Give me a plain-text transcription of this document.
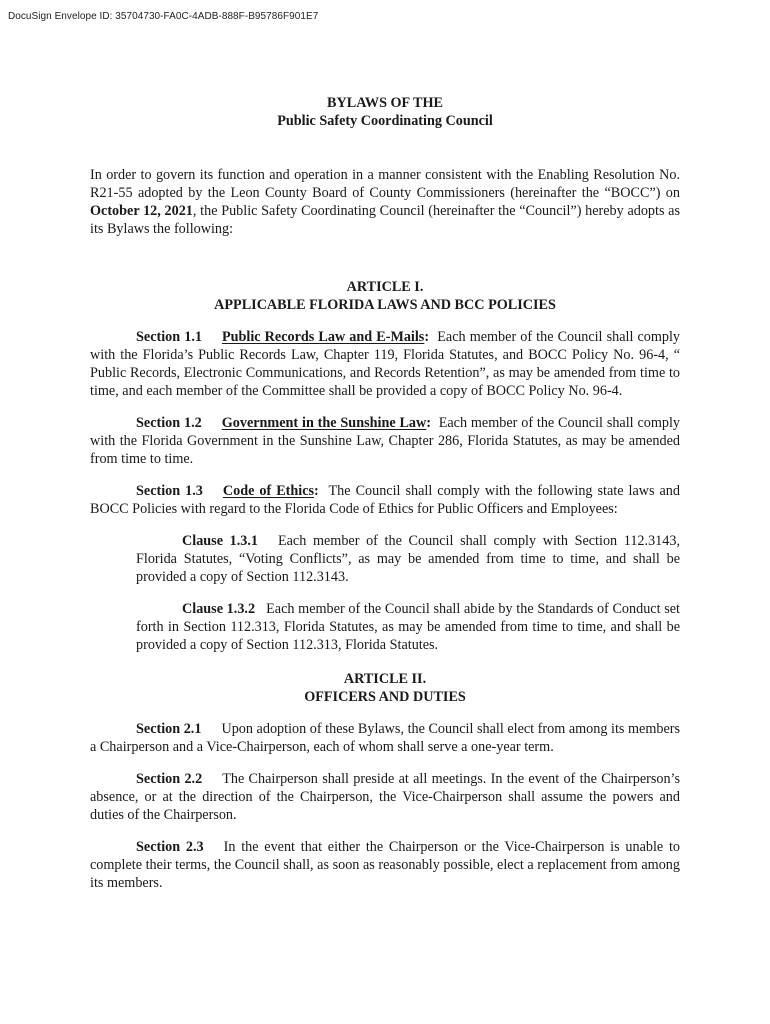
DocuSign Envelope ID: 35704730-FA0C-4ADB-888F-B95786F901E7
BYLAWS OF THE
Public Safety Coordinating Council

In order to govern its function and operation in a manner consistent with the Enabling Resolution No. R21-55 adopted by the Leon County Board of County Commissioners (hereinafter the “BOCC”) on October 12, 2021, the Public Safety Coordinating Council (hereinafter the “Council”) hereby adopts as its Bylaws the following:

ARTICLE I.
APPLICABLE FLORIDA LAWS AND BCC POLICIES

Section 1.1 Public Records Law and E-Mails: Each member of the Council shall comply with the Florida’s Public Records Law, Chapter 119, Florida Statutes, and BOCC Policy No. 96-4, “ Public Records, Electronic Communications, and Records Retention”, as may be amended from time to time, and each member of the Committee shall be provided a copy of BOCC Policy No. 96-4.

Section 1.2 Government in the Sunshine Law: Each member of the Council shall comply with the Florida Government in the Sunshine Law, Chapter 286, Florida Statutes, as may be amended from time to time.

Section 1.3 Code of Ethics: The Council shall comply with the following state laws and BOCC Policies with regard to the Florida Code of Ethics for Public Officers and Employees:

Clause 1.3.1 Each member of the Council shall comply with Section 112.3143, Florida Statutes, “Voting Conflicts”, as may be amended from time to time, and shall be provided a copy of Section 112.3143.

Clause 1.3.2 Each member of the Council shall abide by the Standards of Conduct set forth in Section 112.313, Florida Statutes, as may be amended from time to time, and shall be provided a copy of Section 112.313, Florida Statutes.

ARTICLE II.
OFFICERS AND DUTIES

Section 2.1 Upon adoption of these Bylaws, the Council shall elect from among its members a Chairperson and a Vice-Chairperson, each of whom shall serve a one-year term.

Section 2.2 The Chairperson shall preside at all meetings. In the event of the Chairperson’s absence, or at the direction of the Chairperson, the Vice-Chairperson shall assume the powers and duties of the Chairperson.

Section 2.3 In the event that either the Chairperson or the Vice-Chairperson is unable to complete their terms, the Council shall, as soon as reasonably possible, elect a replacement from among its members.
